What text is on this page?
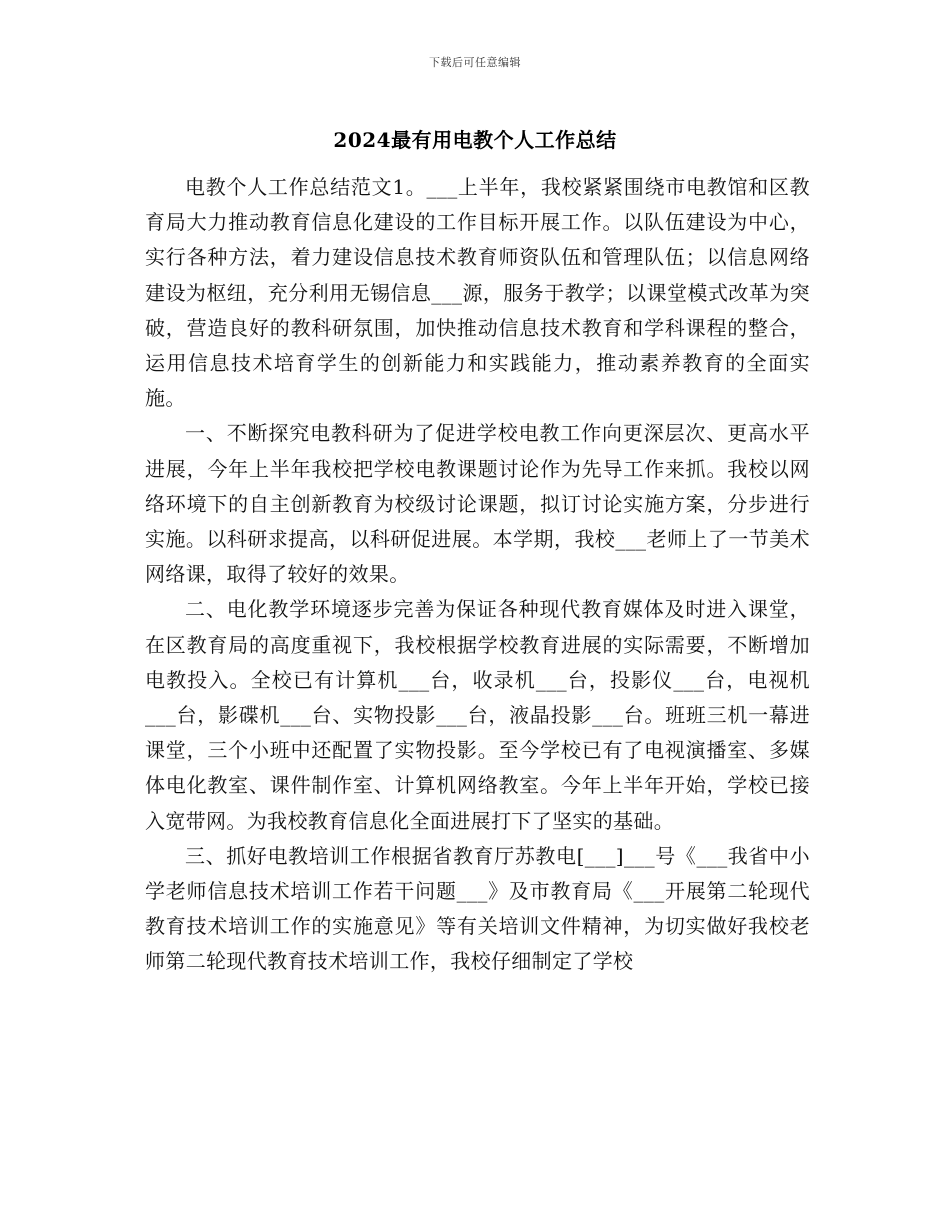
下载后可任意编辑
2024最有用电教个人工作总结

电教个人工作总结范文1。___上半年，我校紧紧围绕市电教馆和区教育局大力推动教育信息化建设的工作目标开展工作。以队伍建设为中心，实行各种方法，着力建设信息技术教育师资队伍和管理队伍；以信息网络建设为枢纽，充分利用无锡信息___源，服务于教学；以课堂模式改革为突破，营造良好的教科研氛围，加快推动信息技术教育和学科课程的整合，运用信息技术培育学生的创新能力和实践能力，推动素养教育的全面实施。

一、不断探究电教科研为了促进学校电教工作向更深层次、更高水平进展，今年上半年我校把学校电教课题讨论作为先导工作来抓。我校以网络环境下的自主创新教育为校级讨论课题，拟订讨论实施方案，分步进行实施。以科研求提高，以科研促进展。本学期，我校___老师上了一节美术网络课，取得了较好的效果。

二、电化教学环境逐步完善为保证各种现代教育媒体及时进入课堂，在区教育局的高度重视下，我校根据学校教育进展的实际需要，不断增加电教投入。全校已有计算机___台，收录机___台，投影仪___台，电视机___台，影碟机___台、实物投影___台，液晶投影___台。班班三机一幕进课堂，三个小班中还配置了实物投影。至今学校已有了电视演播室、多媒体电化教室、课件制作室、计算机网络教室。今年上半年开始，学校已接入宽带网。为我校教育信息化全面进展打下了坚实的基础。

三、抓好电教培训工作根据省教育厅苏教电[___]___号《___我省中小学老师信息技术培训工作若干问题___》及市教育局《___开展第二轮现代教育技术培训工作的实施意见》等有关培训文件精神，为切实做好我校老师第二轮现代教育技术培训工作，我校仔细制定了学校
